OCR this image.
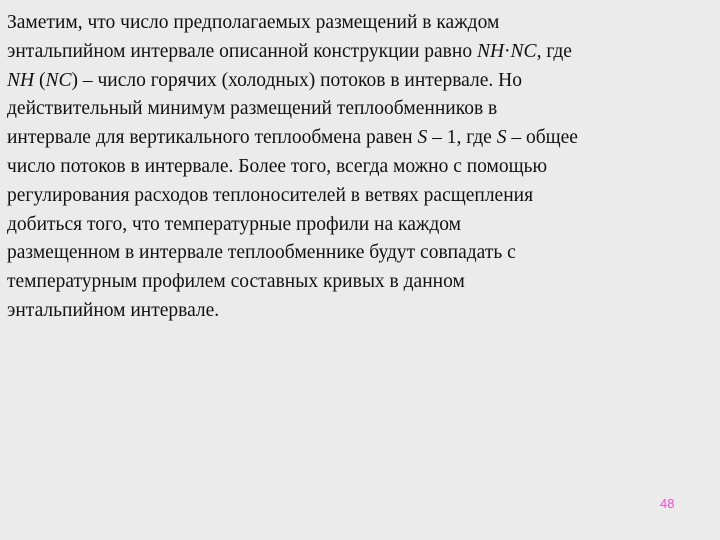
Заметим, что число предполагаемых размещений в каждом
энтальпийном интервале описанной конструкции равно NH·NC, где
NH (NC) – число горячих (холодных) потоков в интервале. Но
действительный минимум размещений теплообменников в
интервале для вертикального теплообмена равен S – 1, где S – общее
число потоков в интервале. Более того, всегда можно с помощью
регулирования расходов теплоносителей в ветвях расщепления
добиться того, что температурные профили на каждом
размещенном в интервале теплообменнике будут совпадать с
температурным профилем составных кривых в данном
энтальпийном интервале.

48
